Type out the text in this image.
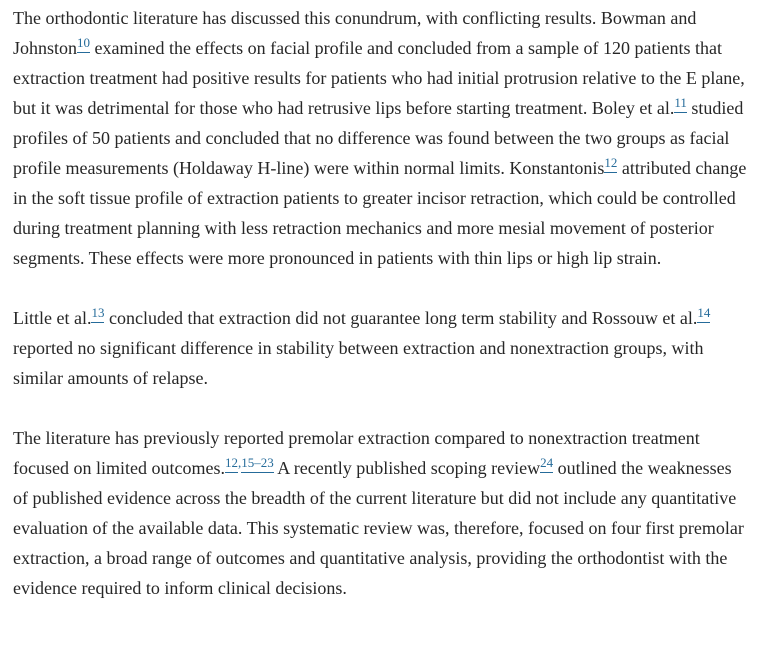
The orthodontic literature has discussed this conundrum, with conflicting results. Bowman and Johnston10 examined the effects on facial profile and concluded from a sample of 120 patients that extraction treatment had positive results for patients who had initial protrusion relative to the E plane, but it was detrimental for those who had retrusive lips before starting treatment. Boley et al.11 studied profiles of 50 patients and concluded that no difference was found between the two groups as facial profile measurements (Holdaway H-line) were within normal limits. Konstantonis12 attributed change in the soft tissue profile of extraction patients to greater incisor retraction, which could be controlled during treatment planning with less retraction mechanics and more mesial movement of posterior segments. These effects were more pronounced in patients with thin lips or high lip strain.

Little et al.13 concluded that extraction did not guarantee long term stability and Rossouw et al.14 reported no significant difference in stability between extraction and nonextraction groups, with similar amounts of relapse.

The literature has previously reported premolar extraction compared to nonextraction treatment focused on limited outcomes.12,15–23 A recently published scoping review24 outlined the weaknesses of published evidence across the breadth of the current literature but did not include any quantitative evaluation of the available data. This systematic review was, therefore, focused on four first premolar extraction, a broad range of outcomes and quantitative analysis, providing the orthodontist with the evidence required to inform clinical decisions.
